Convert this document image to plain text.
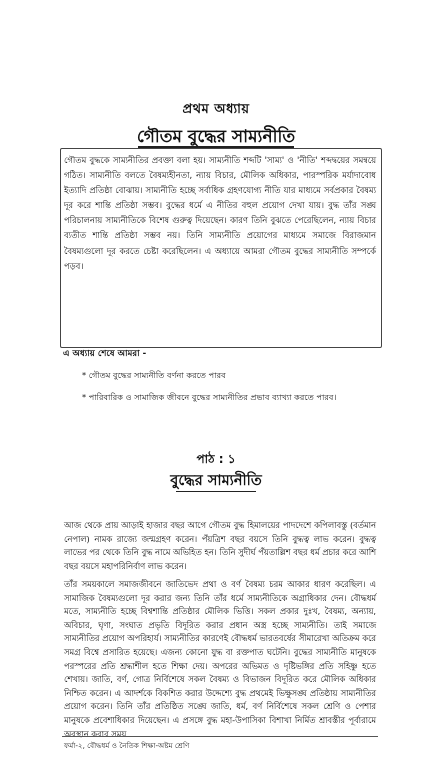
প্রথম অধ্যায়
গৌতম বুদ্ধের সাম্যনীতি
গৌতম বুদ্ধকে সাম্যনীতির প্রবক্তা বলা হয়। সাম্যনীতি শব্দটি 'সাম্য' ও 'নীতি' শব্দদ্বয়ের সমন্বয়ে গঠিত। সাম্যনীতি বলতে বৈষম্যহীনতা, ন্যায় বিচার, মৌলিক অধিকার, পারস্পরিক মর্যাদাবোধ ইত্যাদি প্রতিষ্ঠা বোঝায়। সাম্যনীতি হচ্ছে সর্বাধিক গ্রহণযোগ্য নীতি যার মাধ্যমে সর্বপ্রকার বৈষম্য দূর করে শান্তি প্রতিষ্ঠা সম্ভব। বুদ্ধের ধর্মে এ নীতির বহুল প্রয়োগ দেখা যায়। বুদ্ধ তাঁর সঙ্ঘ পরিচালনায় সাম্যনীতিকে বিশেষ গুরুত্ব দিয়েছেন। কারণ তিনি বুঝতে পেরেছিলেন, ন্যায় বিচার ব্যতীত শান্তি প্রতিষ্ঠা সম্ভব নয়। তিনি সাম্যনীতি প্রয়োগের মাধ্যমে সমাজে বিরাজমান বৈষম্যগুলো দূর করতে চেষ্টা করেছিলেন। এ অধ্যায়ে আমরা গৌতম বুদ্ধের সাম্যনীতি সম্পর্কে পড়ব।
এ অধ্যায় শেষে আমরা -
* গৌতম বুদ্ধের সাম্যনীতি বর্ণনা করতে পারব
* পারিবারিক ও সামাজিক জীবনে বুদ্ধের সাম্যনীতির প্রভাব ব্যাখ্যা করতে পারব।
পাঠ : ১
বুদ্ধের সাম্যনীতি
আজ থেকে প্রায় আড়াই হাজার বছর আগে গৌতম বুদ্ধ হিমালয়ের পাদদেশে কপিলাবস্তু (বর্তমান নেপাল) নামক রাজ্যে জন্মগ্রহণ করেন। পঁয়ত্রিশ বছর বয়সে তিনি বুদ্ধত্ব লাভ করেন। বুদ্ধত্ব লাভের পর থেকে তিনি বুদ্ধ নামে অভিহিত হন। তিনি সুদীর্ঘ পঁয়তাল্লিশ বছর ধর্ম প্রচার করে আশি বছর বয়সে মহাপরিনির্বাণ লাভ করেন।
তাঁর সময়কালে সমাজজীবনে জাতিভেদ প্রথা ও বর্ণ বৈষম্য চরম আকার ধারণ করেছিল। এ সামাজিক বৈষম্যগুলো দূর করার জন্য তিনি তাঁর ধর্মে সাম্যনীতিকে অগ্রাধিকার দেন। বৌদ্ধধর্ম মতে, সাম্যনীতি হচ্ছে বিশ্বশান্তি প্রতিষ্ঠার মৌলিক ভিত্তি। সকল প্রকার দুঃখ, বৈষম্য, অন্যায়, অবিচার, ঘৃণা, সংঘাত প্রভৃতি বিদূরিত করার প্রধান অস্ত্র হচ্ছে সাম্যনীতি। তাই সমাজে সাম্যনীতির প্রয়োগ অপরিহার্য। সাম্যনীতির কারণেই বৌদ্ধধর্ম ভারতবর্ষের সীমারেখা অতিক্রম করে সমগ্র বিশ্বে প্রসারিত হয়েছে। এজন্য কোনো যুদ্ধ বা রক্তপাত ঘটেনি। বুদ্ধের সাম্যনীতি মানুষকে পরস্পরের প্রতি শ্রদ্ধাশীল হতে শিক্ষা দেয়। অপরের অভিমত ও দৃষ্টিভঙ্গির প্রতি সহিষ্ণু হতে শেখায়। জাতি, বর্ণ, গোত্র নির্বিশেষে সকল বৈষম্য ও বিভাজন বিদূরিত করে মৌলিক অধিকার নিশ্চিত করেন। এ আদর্শকে বিকশিত করার উদ্দেশ্যে বুদ্ধ প্রথমেই ভিক্ষুসঙ্ঘ প্রতিষ্ঠায় সাম্যনীতির প্রয়োগ করেন। তিনি তাঁর প্রতিষ্ঠিত সঙ্ঘে জাতি, ধর্ম, বর্ণ নির্বিশেষে সকল শ্রেণি ও পেশার মানুষকে প্রবেশাধিকার দিয়েছেন। এ প্রসঙ্গে বুদ্ধ মহা-উপাসিকা বিশাখা নির্মিত শ্রাবস্তীর পূর্বারামে অবস্থান করার সময়
ফর্মা-২, বৌদ্ধধর্ম ও নৈতিক শিক্ষা-অষ্টম শ্রেণি
